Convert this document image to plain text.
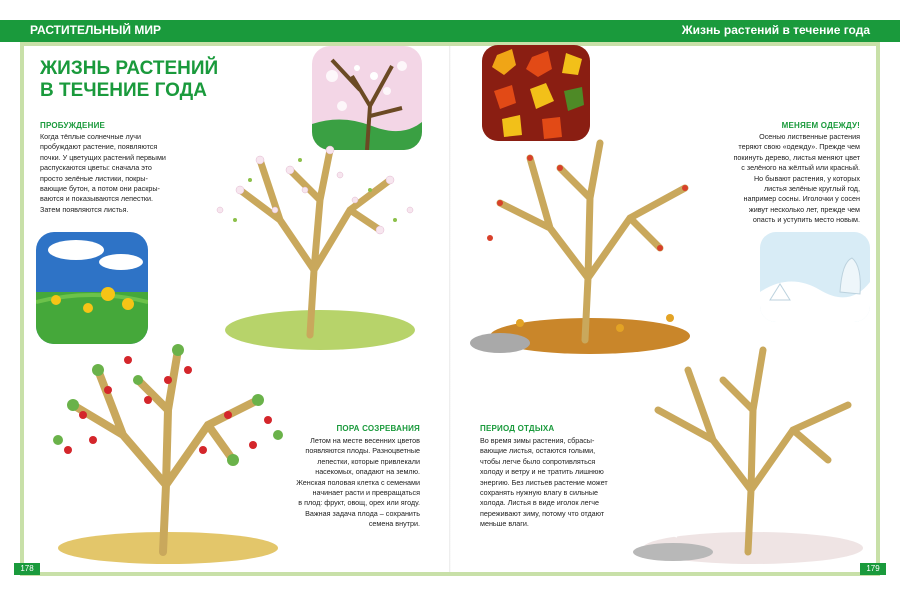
РАСТИТЕЛЬНЫЙ МИР	Жизнь растений в течение года
ЖИЗНЬ РАСТЕНИЙ
В ТЕЧЕНИЕ ГОДА
ПРОБУЖДЕНИЕ
Когда тёплые солнечные лучи
пробуждают растение, появляются
почки. У цветущих растений первыми
распускаются цветы: сначала это
просто зелёные листики, покры-
вающие бутон, а потом они раскры-
ваются и показываются лепестки.
Затем появляются листья.
МЕНЯЕМ ОДЕЖДУ!
Осенью лиственные растения
теряют свою «одежду». Прежде чем
покинуть дерево, листья меняют цвет
с зелёного на жёлтый или красный.
Но бывают растения, у которых
листья зелёные круглый год,
например сосны. Иголочки у сосен
живут несколько лет, прежде чем
опасть и уступить место новым.
ПОРА СОЗРЕВАНИЯ
Летом на месте весенних цветов
появляются плоды. Разноцветные
лепестки, которые привлекали
насекомых, опадают на землю.
Женская половая клетка с семенами
начинает расти и превращаться
в плод: фрукт, овощ, орех или ягоду.
Важная задача плода – сохранить
семена внутри.
ПЕРИОД ОТДЫХА
Во время зимы растения, сбрасы-
вающие листья, остаются голыми,
чтобы легче было сопротивляться
холоду и ветру и не тратить лишнюю
энергию. Без листьев растение может
сохранять нужную влагу в сильные
холода. Листья в виде иголок легче
переживают зиму, потому что отдают
меньше влаги.
178	179
